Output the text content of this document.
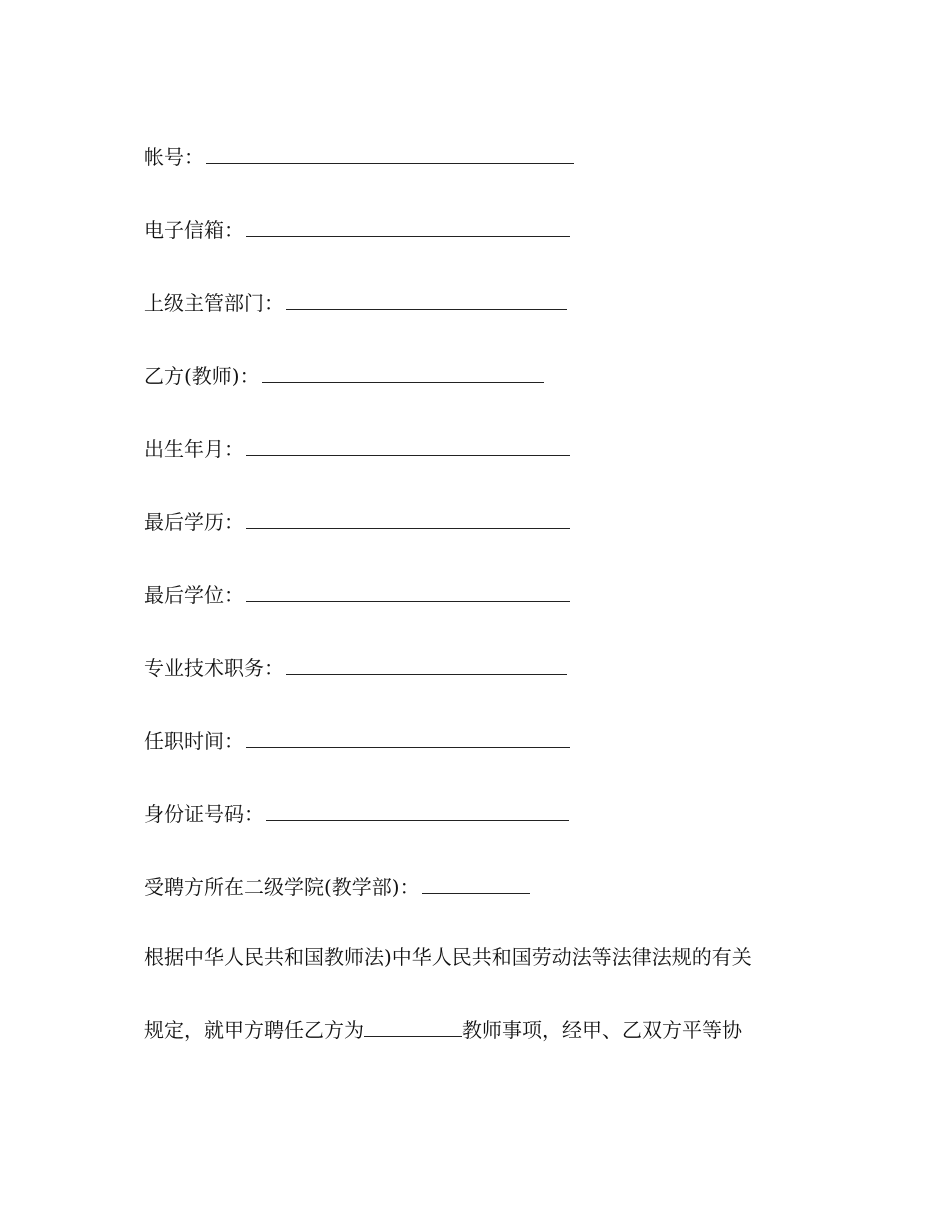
帐号：
电子信箱：
上级主管部门：
乙方(教师)：
出生年月：
最后学历：
最后学位：
专业技术职务：
任职时间：
身份证号码：
受聘方所在二级学院(教学部)：
根据中华人民共和国教师法)中华人民共和国劳动法等法律法规的有关
规定，就甲方聘任乙方为	教师事项，经甲、乙双方平等协
